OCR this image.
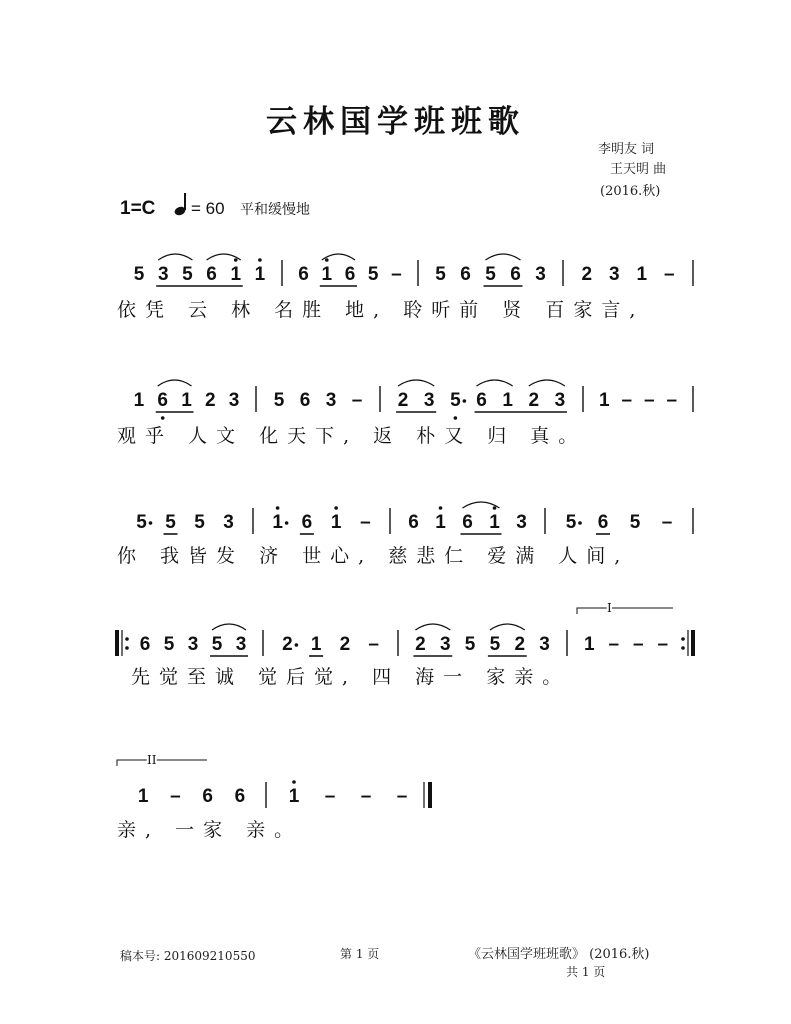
云林国学班班歌
李明友 词
王天明 曲
(2016.秋)
1=C = 60 平和缓慢地
5 3 5 6 1 1 6 1 6 5 – 5 6 5 6 3 2 3 1 –
依凭 云 林 名胜 地, 聆听前 贤 百家言,
1 6 1 2 3 5 6 3 – 2 3 5 6 1 2 3 1 – – –
观乎 人文 化天下, 返 朴又 归 真。
5 5 5 3 1 6 1 – 6 1 6 1 3 5 6 5 –
你 我皆发 济 世心, 慈悲仁 爱满 人间,
6 5 3 5 3 2 1 2 – 2 3 5 5 2 3 1 – – –
I
先觉至诚 觉后觉, 四 海一 家亲。
1 – 6 6 1 – – –
II
亲, 一家 亲。
稿本号: 201609210550	第 1 页	《云林国学班班歌》 (2016.秋)
共 1 页
